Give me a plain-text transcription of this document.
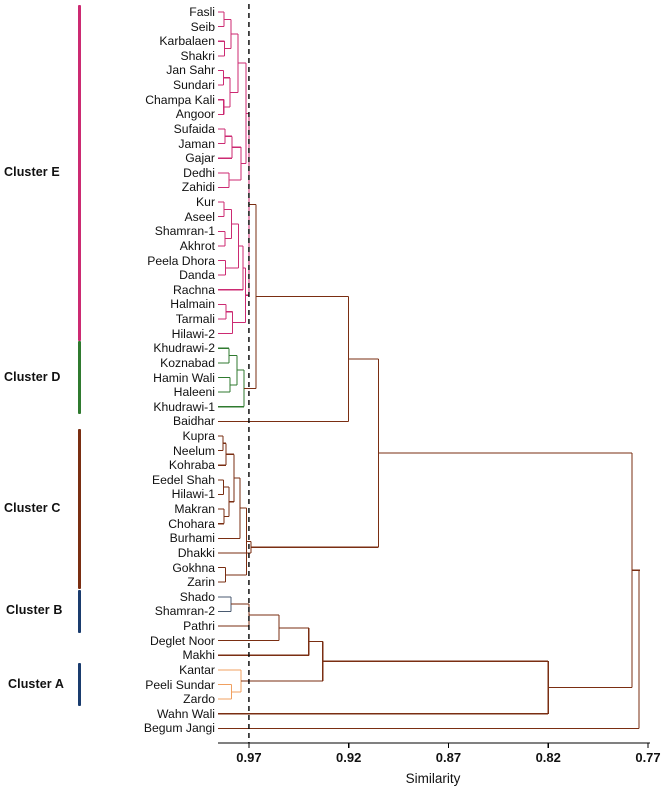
Fasli
Seib
Karbalaen
Shakri
Jan Sahr
Sundari
Champa Kali
Angoor
Sufaida
Jaman
Gajar
Dedhi
Zahidi
Kur
Aseel
Shamran-1
Akhrot
Peela Dhora
Danda
Rachna
Halmain
Tarmali
Hilawi-2
Khudrawi-2
Koznabad
Hamin Wali
Haleeni
Khudrawi-1
Baidhar
Kupra
Neelum
Kohraba
Eedel Shah
Hilawi-1
Makran
Chohara
Burhami
Dhakki
Gokhna
Zarin
Shado
Shamran-2
Pathri
Deglet Noor
Makhi
Kantar
Peeli Sundar
Zardo
Wahn Wali
Begum Jangi
Cluster E
Cluster D
Cluster C
Cluster B
Cluster A
0.97	0.92	0.87	0.82	0.77
Similarity
